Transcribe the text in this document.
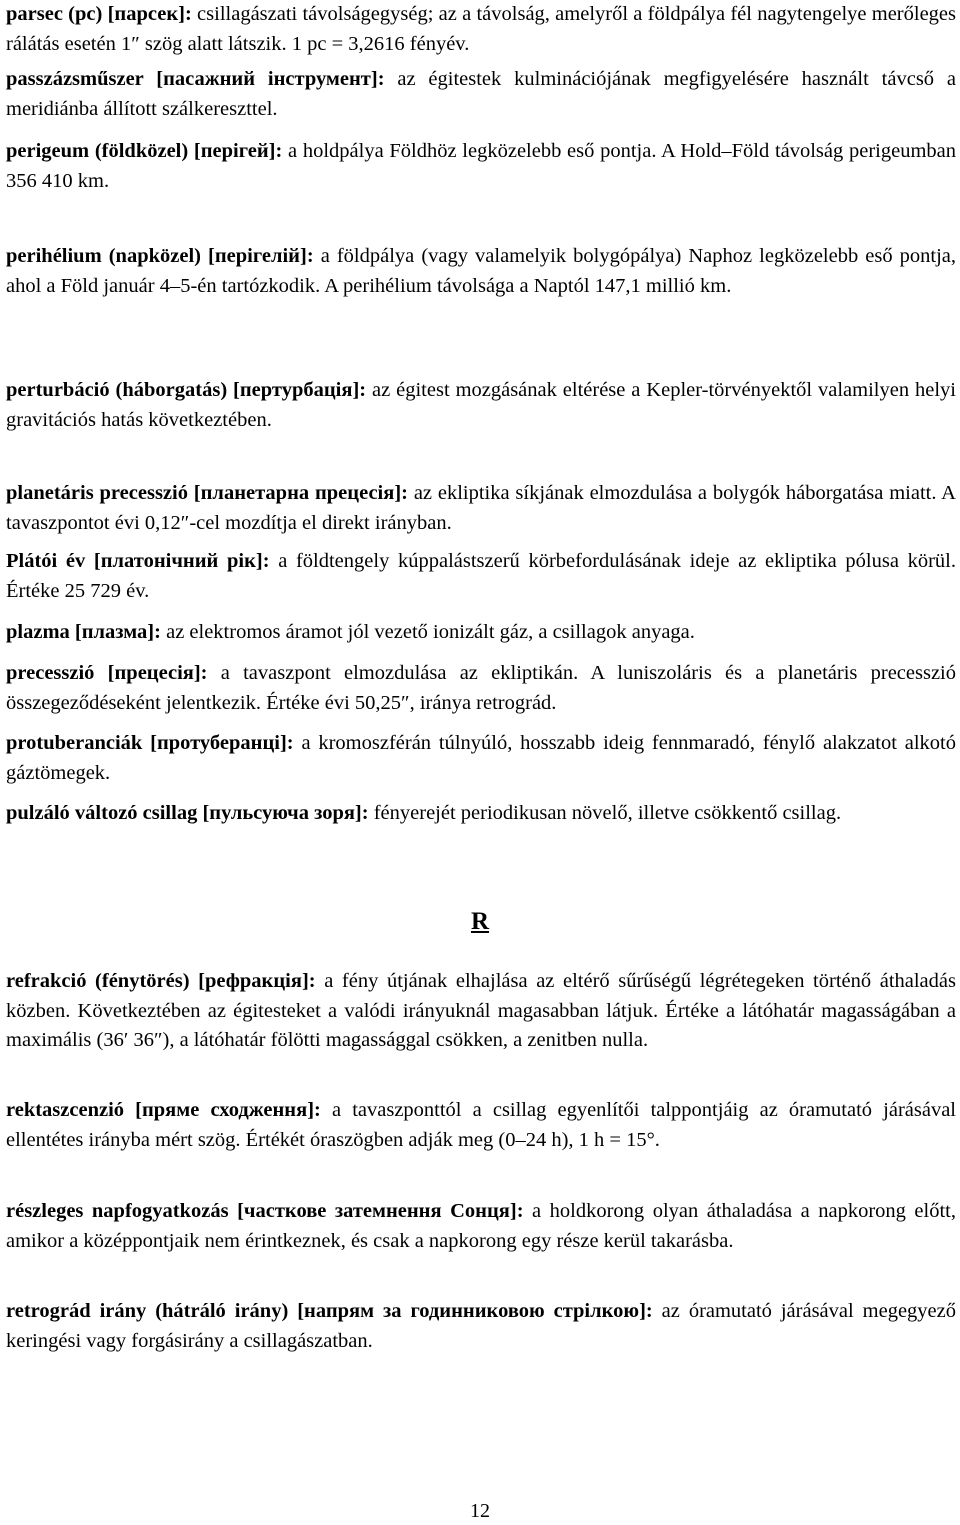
parsec (pc) [парсек]: csillagászati távolságegység; az a távolság, amelyről a földpálya fél nagytengelye merőleges rálátás esetén 1″ szög alatt látszik. 1 pc = 3,2616 fényév.

passzázsműszer [пасажний інструмент]: az égitestek kulminációjának megfigyelésére használt távcső a meridiánba állított szálkereszttel.

perigeum (földközel) [перігей]: a holdpálya Földhöz legközelebb eső pontja. A Hold–Föld távolság perigeumban 356 410 km.

perihélium (napközel) [перігелій]: a földpálya (vagy valamelyik bolygópálya) Naphoz legközelebb eső pontja, ahol a Föld január 4–5-én tartózkodik. A perihélium távolsága a Naptól 147,1 millió km.

perturbáció (háborgatás) [пертурбація]: az égitest mozgásának eltérése a Kepler-törvényektől valamilyen helyi gravitációs hatás következtében.

planetáris precesszió [планетарна прецесія]: az ekliptika síkjának elmozdulása a bolygók háborgatása miatt. A tavaszpontot évi 0,12″-cel mozdítja el direkt irányban.

Plátói év [платонічний рік]: a földtengely kúppalástszerű körbefordulásának ideje az ekliptika pólusa körül. Értéke 25 729 év.

plazma [плазма]: az elektromos áramot jól vezető ionizált gáz, a csillagok anyaga.

precesszió [прецесія]: a tavaszpont elmozdulása az ekliptikán. A luniszoláris és a planetáris precesszió összegeződéseként jelentkezik. Értéke évi 50,25″, iránya retrográd.

protuberanciák [протуберанці]: a kromoszférán túlnyúló, hosszabb ideig fennmaradó, fénylő alakzatot alkotó gáztömegek.

pulzáló változó csillag [пульсуюча зоря]: fényerejét periodikusan növelő, illetve csökkentő csillag.

refrakció (fénytörés) [рефракція]: a fény útjának elhajlása az eltérő sűrűségű légrétegeken történő áthaladás közben. Következtében az égitesteket a valódi irányuknál magasabban látjuk. Értéke a látóhatár magasságában a maximális (36′ 36″), a látóhatár fölötti magassággal csökken, a zenitben nulla.

rektaszcenzió [пряме сходження]: a tavaszponttól a csillag egyenlítői talppontjáig az óramutató járásával ellentétes irányba mért szög. Értékét óraszögben adják meg (0–24 h), 1 h = 15°.

részleges napfogyatkozás [часткове затемнення Сонця]: a holdkorong olyan áthaladása a napkorong előtt, amikor a középpontjaik nem érintkeznek, és csak a napkorong egy része kerül takarásba.

retrográd irány (hátráló irány) [напрям за годинниковою стрілкою]: az óramutató járásával megegyező keringési vagy forgásirány a csillagászatban.

R
12
